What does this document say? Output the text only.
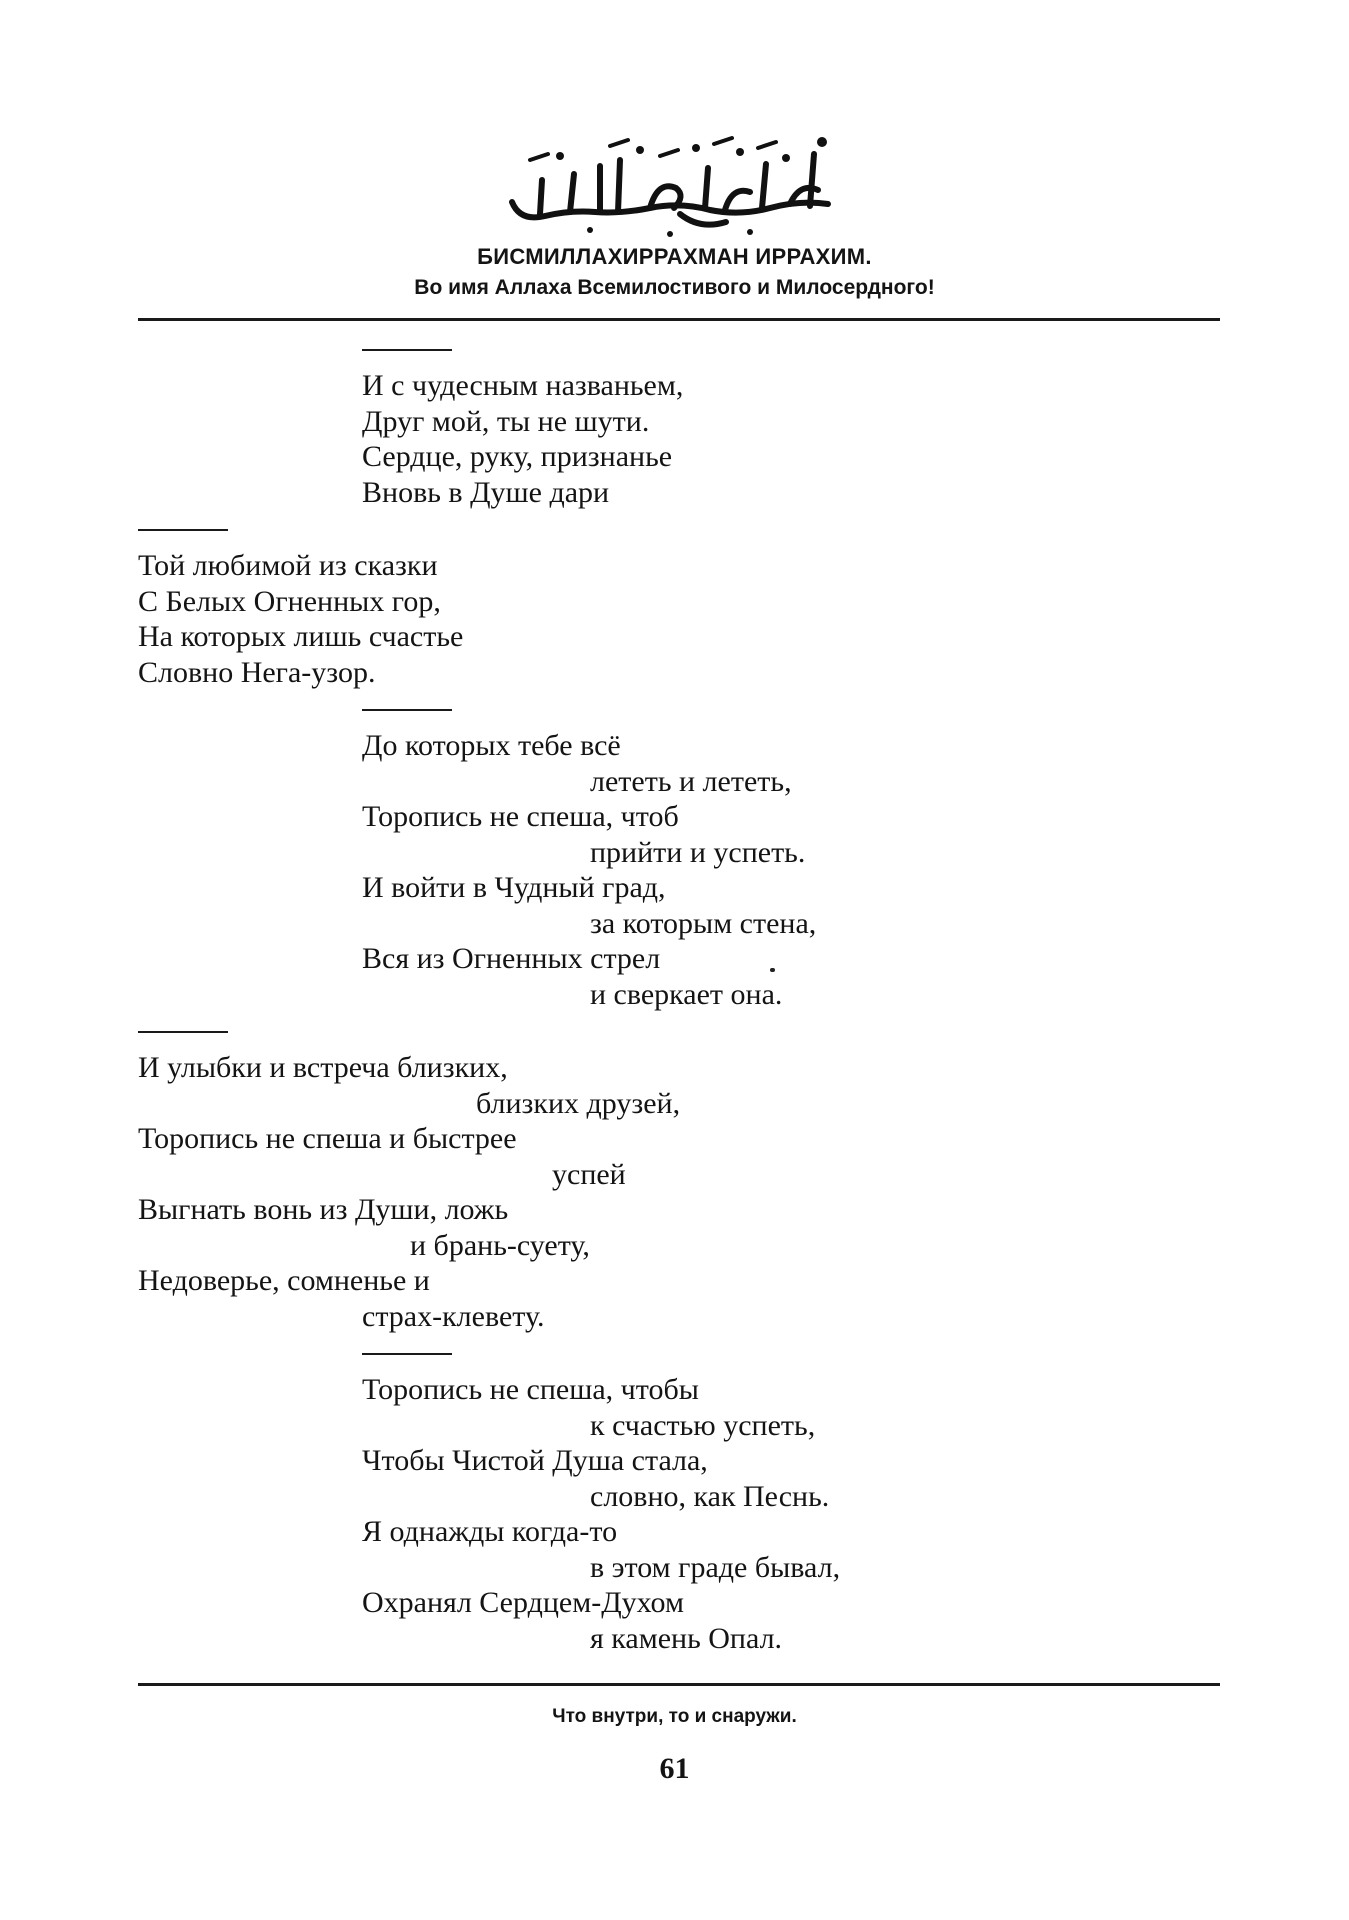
БИСМИЛЛАХИРРАХМАН ИРРАХИМ.
Во имя Аллаха Всемилостивого и Милосердного!

И с чудесным названьем,

Друг мой, ты не шути.

Сердце, руку, признанье

Вновь в Душе дари

Той любимой из сказки

С Белых Огненных гор,

На которых лишь счастье

Словно Нега-узор.

До которых тебе всё

лететь и лететь,

Торопись не спеша, чтоб

прийти и успеть.

И войти в Чудный град,

за которым стена,

Вся из Огненных стрел

и сверкает она.

И улыбки и встреча близких,

близких друзей,

Торопись не спеша и быстрее

успей

Выгнать вонь из Души, ложь

и брань-суету,

Недоверье, сомненье и

страх-клевету.

Торопись не спеша, чтобы

к счастью успеть,

Чтобы Чистой Душа стала,

словно, как Песнь.

Я однажды когда-то

в этом граде бывал,

Охранял Сердцем-Духом

я камень Опал.

Что внутри, то и снаружи.
61
